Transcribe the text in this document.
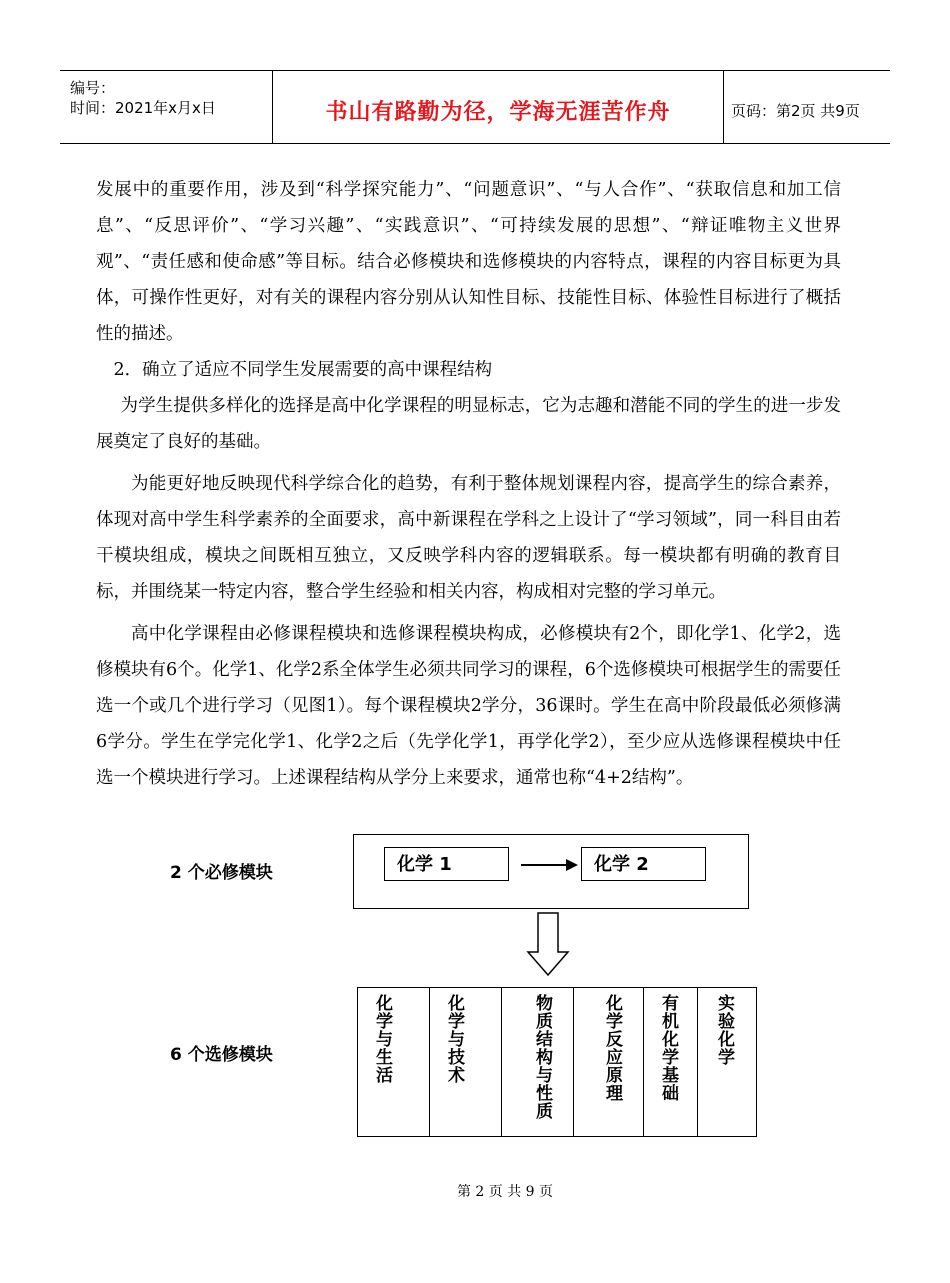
编号：
时间：2021年x月x日	书山有路勤为径，学海无涯苦作舟	页码：第2页 共9页

发展中的重要作用，涉及到“科学探究能力”、“问题意识”、“与人合作”、“获取信息和加工信息”、“反思评价”、“学习兴趣”、“实践意识”、“可持续发展的思想”、“辩证唯物主义世界观”、“责任感和使命感”等目标。结合必修模块和选修模块的内容特点，课程的内容目标更为具体，可操作性更好，对有关的课程内容分别从认知性目标、技能性目标、体验性目标进行了概括性的描述。

2．确立了适应不同学生发展需要的高中课程结构

为学生提供多样化的选择是高中化学课程的明显标志，它为志趣和潜能不同的学生的进一步发展奠定了良好的基础。

为能更好地反映现代科学综合化的趋势，有利于整体规划课程内容，提高学生的综合素养，体现对高中学生科学素养的全面要求，高中新课程在学科之上设计了“学习领域”，同一科目由若干模块组成，模块之间既相互独立，又反映学科内容的逻辑联系。每一模块都有明确的教育目标，并围绕某一特定内容，整合学生经验和相关内容，构成相对完整的学习单元。

高中化学课程由必修课程模块和选修课程模块构成，必修模块有2个，即化学1、化学2，选修模块有6个。化学1、化学2系全体学生必须共同学习的课程，6个选修模块可根据学生的需要任选一个或几个进行学习（见图1）。每个课程模块2学分，36课时。学生在高中阶段最低必须修满6学分。学生在学完化学1、化学2之后（先学化学1，再学化学2），至少应从选修课程模块中任选一个模块进行学习。上述课程结构从学分上来要求，通常也称“4+2结构”。

2 个必修模块	化学 1	化学 2
6 个选修模块	化学与生活	化学与技术	物质结构与性质	化学反应原理 有机化学基础 实验化学
第 2 页 共 9 页
